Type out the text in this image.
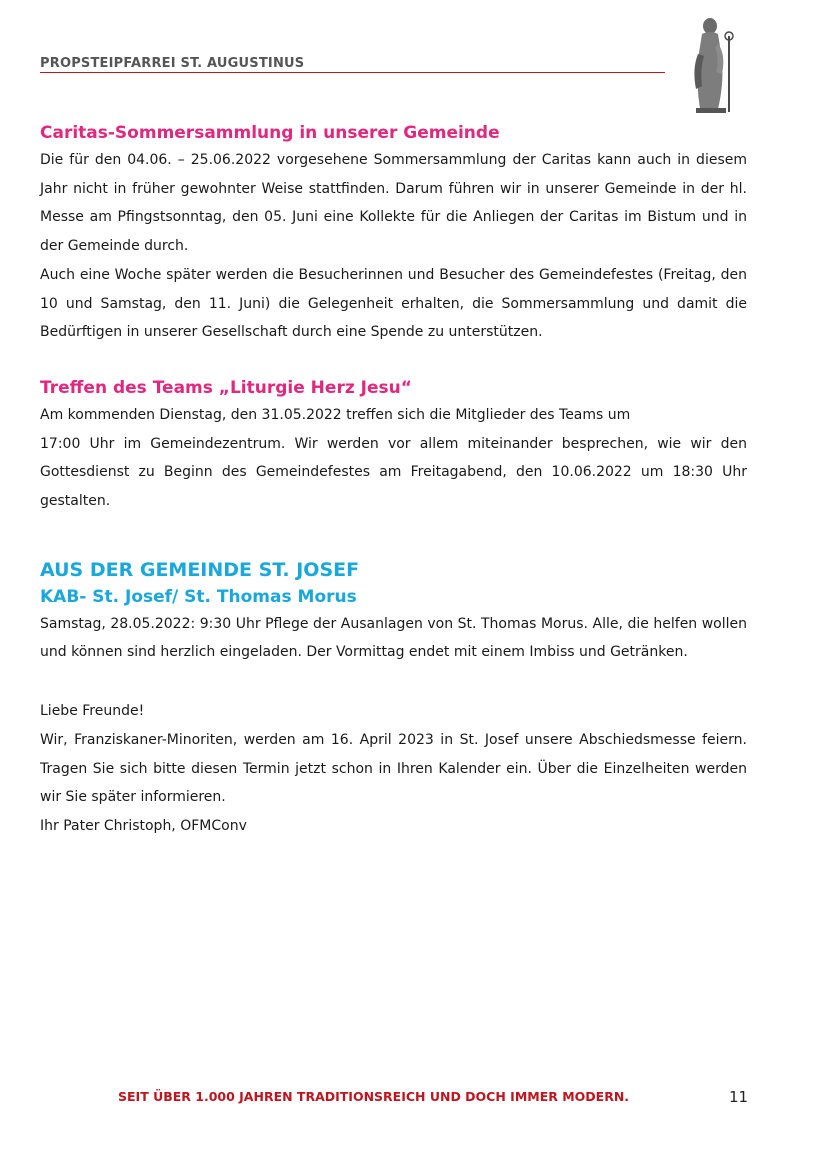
PROPSTEIPFARREI ST. AUGUSTINUS
Caritas-Sommersammlung in unserer Gemeinde

Die für den 04.06. – 25.06.2022 vorgesehene Sommersammlung der Caritas kann auch in diesem Jahr nicht in früher gewohnter Weise stattfinden. Darum führen wir in unserer Gemeinde in der hl. Messe am Pfingstsonntag, den 05. Juni eine Kollekte für die Anliegen der Caritas im Bistum und in der Gemeinde durch.

Auch eine Woche später werden die Besucherinnen und Besucher des Gemeindefestes (Freitag, den 10 und Samstag, den 11. Juni) die Gelegenheit erhalten, die Sommersammlung und damit die Bedürftigen in unserer Gesellschaft durch eine Spende zu unterstützen.

Treffen des Teams „Liturgie Herz Jesu“

Am kommenden Dienstag, den 31.05.2022 treffen sich die Mitglieder des Teams um
17:00 Uhr im Gemeindezentrum. Wir werden vor allem miteinander besprechen, wie wir den Gottesdienst zu Beginn des Gemeindefestes am Freitagabend, den 10.06.2022 um 18:30 Uhr gestalten.

AUS DER GEMEINDE ST. JOSEF
KAB- St. Josef/ St. Thomas Morus

Samstag, 28.05.2022: 9:30 Uhr Pflege der Ausanlagen von St. Thomas Morus. Alle, die helfen wollen und können sind herzlich eingeladen. Der Vormittag endet mit einem Imbiss und Getränken.

Liebe Freunde!

Wir, Franziskaner-Minoriten, werden am 16. April 2023 in St. Josef unsere Abschiedsmesse feiern. Tragen Sie sich bitte diesen Termin jetzt schon in Ihren Kalender ein. Über die Einzelheiten werden wir Sie später informieren.

Ihr Pater Christoph, OFMConv

SEIT ÜBER 1.000 JAHREN TRADITIONSREICH UND DOCH IMMER MODERN.	11
